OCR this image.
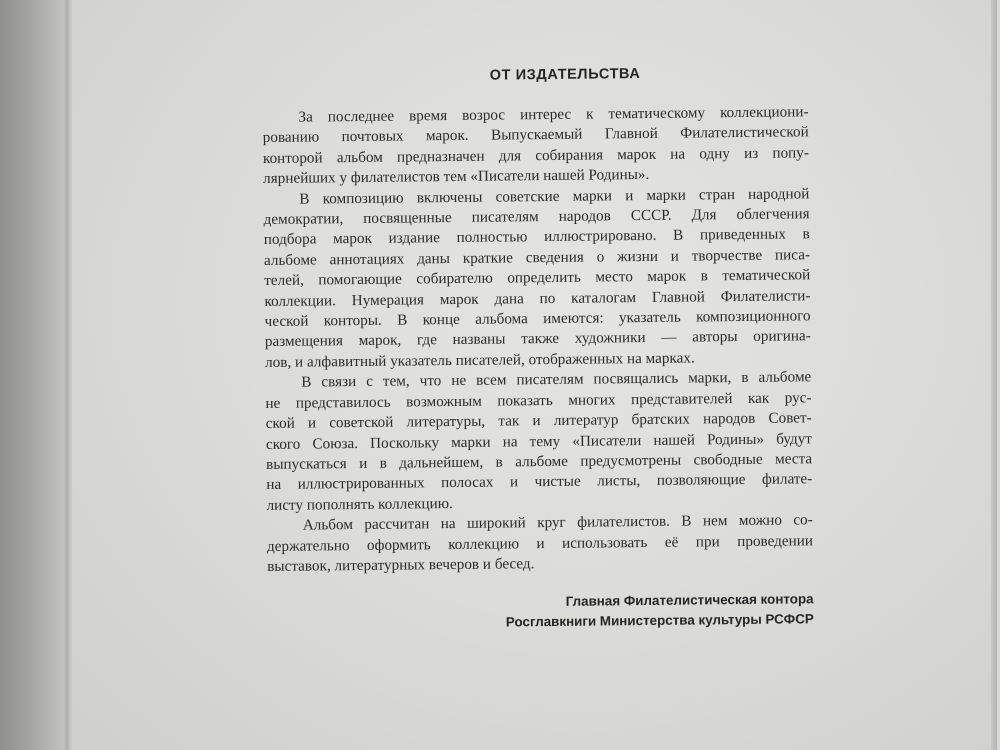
ОТ ИЗДАТЕЛЬСТВА

За последнее время возрос интерес к тематическому коллекциони-
рованию почтовых марок. Выпускаемый Главной Филателистической
конторой альбом предназначен для собирания марок на одну из попу-
лярнейших у филателистов тем «Писатели нашей Родины».

В композицию включены советские марки и марки стран народной
демократии, посвященные писателям народов СССР. Для облегчения
подбора марок издание полностью иллюстрировано. В приведенных в
альбоме аннотациях даны краткие сведения о жизни и творчестве писа-
телей, помогающие собирателю определить место марок в тематической
коллекции. Нумерация марок дана по каталогам Главной Филателисти-
ческой конторы. В конце альбома имеются: указатель композиционного
размещения марок, где названы также художники — авторы оригина-
лов, и алфавитный указатель писателей, отображенных на марках.

В связи с тем, что не всем писателям посвящались марки, в альбоме
не представилось возможным показать многих представителей как рус-
ской и советской литературы, так и литератур братских народов Совет-
ского Союза. Поскольку марки на тему «Писатели нашей Родины» будут
выпускаться и в дальнейшем, в альбоме предусмотрены свободные места
на иллюстрированных полосах и чистые листы, позволяющие филате-
листу пополнять коллекцию.

Альбом рассчитан на широкий круг филателистов. В нем можно со-
держательно оформить коллекцию и использовать её при проведении
выставок, литературных вечеров и бесед.

Главная Филателистическая контора
Росглавкниги Министерства культуры РСФСР
